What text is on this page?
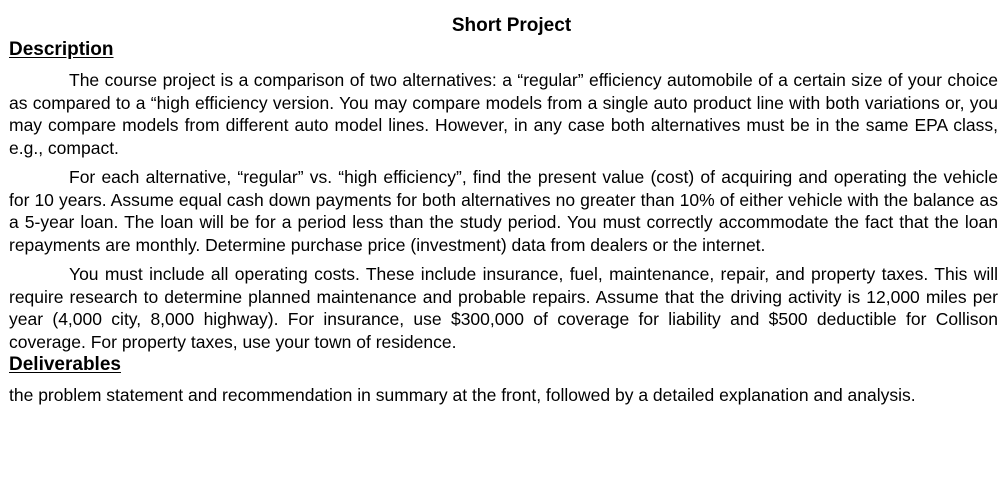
Short Project
Description

The course project is a comparison of two alternatives: a “regular” efficiency automobile of a certain size of your choice as compared to a “high efficiency version. You may compare models from a single auto product line with both variations or, you may compare models from different auto model lines. However, in any case both alternatives must be in the same EPA class, e.g., compact.

For each alternative, “regular” vs. “high efficiency”, find the present value (cost) of acquiring and operating the vehicle for 10 years. Assume equal cash down payments for both alternatives no greater than 10% of either vehicle with the balance as a 5-year loan. The loan will be for a period less than the study period. You must correctly accommodate the fact that the loan repayments are monthly. Determine purchase price (investment) data from dealers or the internet.

You must include all operating costs. These include insurance, fuel, maintenance, repair, and property taxes. This will require research to determine planned maintenance and probable repairs. Assume that the driving activity is 12,000 miles per year (4,000 city, 8,000 highway). For insurance, use $300,000 of coverage for liability and $500 deductible for Collison coverage. For property taxes, use your town of residence.

Deliverables

the problem statement and recommendation in summary at the front, followed by a detailed explanation and analysis.
